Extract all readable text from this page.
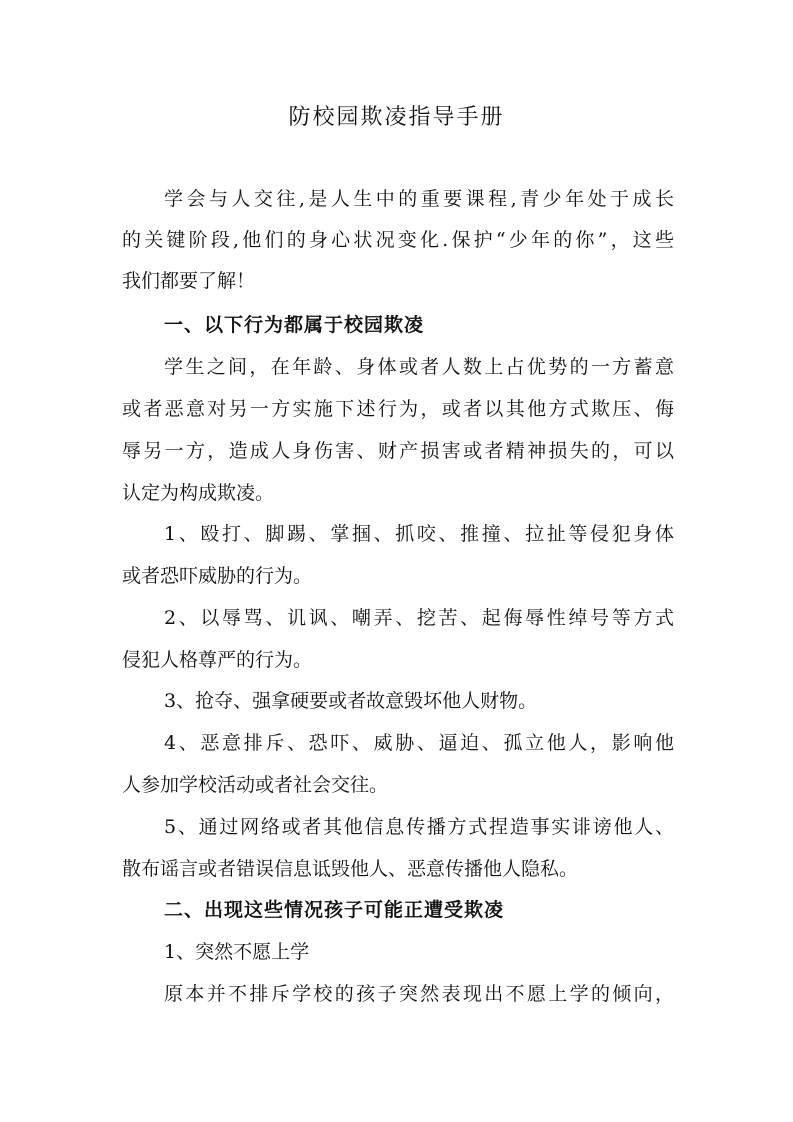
防校园欺凌指导手册
学会与人交往,是人生中的重要课程,青少年处于成长
的关键阶段,他们的身心状况变化.保护“少年的你”，这些
我们都要了解！
一、以下行为都属于校园欺凌
学生之间，在年龄、身体或者人数上占优势的一方蓄意
或者恶意对另一方实施下述行为，或者以其他方式欺压、侮
辱另一方，造成人身伤害、财产损害或者精神损失的，可以
认定为构成欺凌。
1、殴打、脚踢、掌掴、抓咬、推撞、拉扯等侵犯身体
或者恐吓威胁的行为。
2、以辱骂、讥讽、嘲弄、挖苦、起侮辱性绰号等方式
侵犯人格尊严的行为。
3、抢夺、强拿硬要或者故意毁坏他人财物。
4、恶意排斥、恐吓、威胁、逼迫、孤立他人，影响他
人参加学校活动或者社会交往。
5、通过网络或者其他信息传播方式捏造事实诽谤他人、
散布谣言或者错误信息诋毁他人、恶意传播他人隐私。
二、出现这些情况孩子可能正遭受欺凌
1、突然不愿上学
原本并不排斥学校的孩子突然表现出不愿上学的倾向，
